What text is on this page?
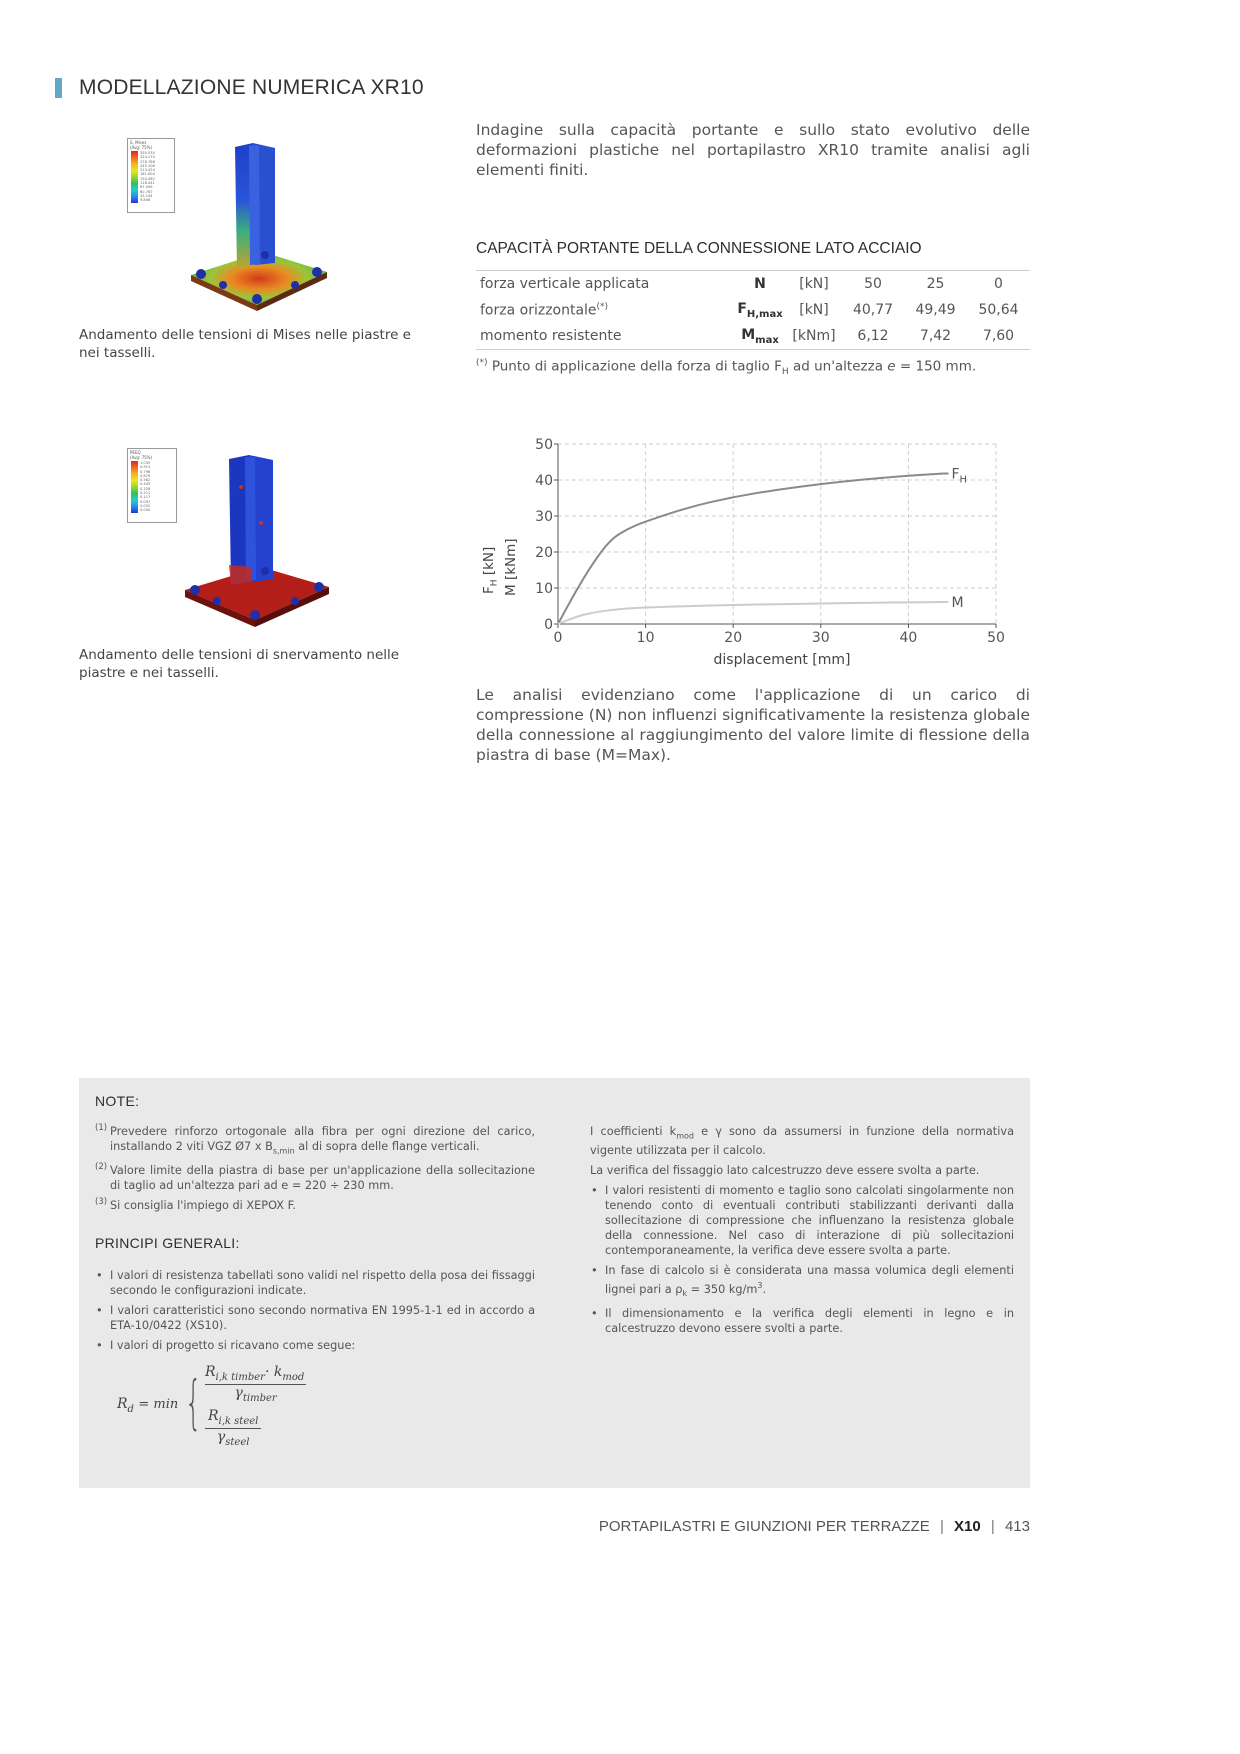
MODELLAZIONE NUMERICA XR10
S, Mises
(Avg: 75%)
350.530
324.270
278.788
245.106
213.424
181.604
150.082
118.441
87.006
60.787
33.144
9.846
Andamento delle tensioni di Mises nelle piastre e nei tasselli.
PEEQ
(Avg: 75%)
1.035
0.913
0.796
0.679
0.562
0.445
0.328
0.211
0.117
0.097
0.052
0.000
Andamento delle tensioni di snervamento nelle piastre e nei tasselli.
Indagine sulla capacità portante e sullo stato evolutivo delle deformazioni plastiche nel portapilastro XR10 tramite analisi agli elementi finiti.
CAPACITÀ PORTANTE DELLA CONNESSIONE LATO ACCIAIO
forza verticale applicata	N	[kN]	50	25	0
forza orizzontale(*)	$F_{H,max}$	[kN]	40,77	49,49	50,64
momento resistente	$M_{max}$	[kNm]	6,12	7,42	7,60
(*) Punto di applicazione della forza di taglio $F_H$ ad un'altezza e = 150 mm.
$F_H$ [kN] M [kNm]
0	10	20	30	40	50
0
10
20
30
40
50
displacement [mm]
$F_H$
M
Le analisi evidenziano come l'applicazione di un carico di compressione (N) non influenzi significativamente la resistenza globale della connessione al raggiungimento del valore limite di flessione della piastra di base (M=Max).
NOTE:
(1) Prevedere rinforzo ortogonale alla fibra per ogni direzione del carico, installando 2 viti VGZ Ø7 x $B_{s,min}$ al di sopra delle flange verticali.
(2) Valore limite della piastra di base per un'applicazione della sollecitazione di taglio ad un'altezza pari ad e = 220 ÷ 230 mm.
(3) Si consiglia l'impiego di XEPOX F.
PRINCIPI GENERALI:
• I valori di resistenza tabellati sono validi nel rispetto della posa dei fissaggi secondo le configurazioni indicate.
• I valori caratteristici sono secondo normativa EN 1995-1-1 ed in accordo a ETA-10/0422 (XS10).
• I valori di progetto si ricavano come segue:
$R_d = \min$ { $R_{i,k timber}\cdot k_{mod}$
$\gamma_{timber}$
$R_{i,k steel}$
$\gamma_{steel}$
I coefficienti $k_{mod}$ e γ sono da assumersi in funzione della normativa vigente utilizzata per il calcolo.
La verifica del fissaggio lato calcestruzzo deve essere svolta a parte.
• I valori resistenti di momento e taglio sono calcolati singolarmente non tenendo conto di eventuali contributi stabilizzanti derivanti dalla sollecitazione di compressione che influenzano la resistenza globale della connessione. Nel caso di interazione di più sollecitazioni contemporaneamente, la verifica deve essere svolta a parte.
• In fase di calcolo si è considerata una massa volumica degli elementi lignei pari a $\rho_k = 350$ $kg/m^3$.
• Il dimensionamento e la verifica degli elementi in legno e in calcestruzzo devono essere svolti a parte.
PORTAPILASTRI E GIUNZIONI PER TERRAZZE | X10 | 413
